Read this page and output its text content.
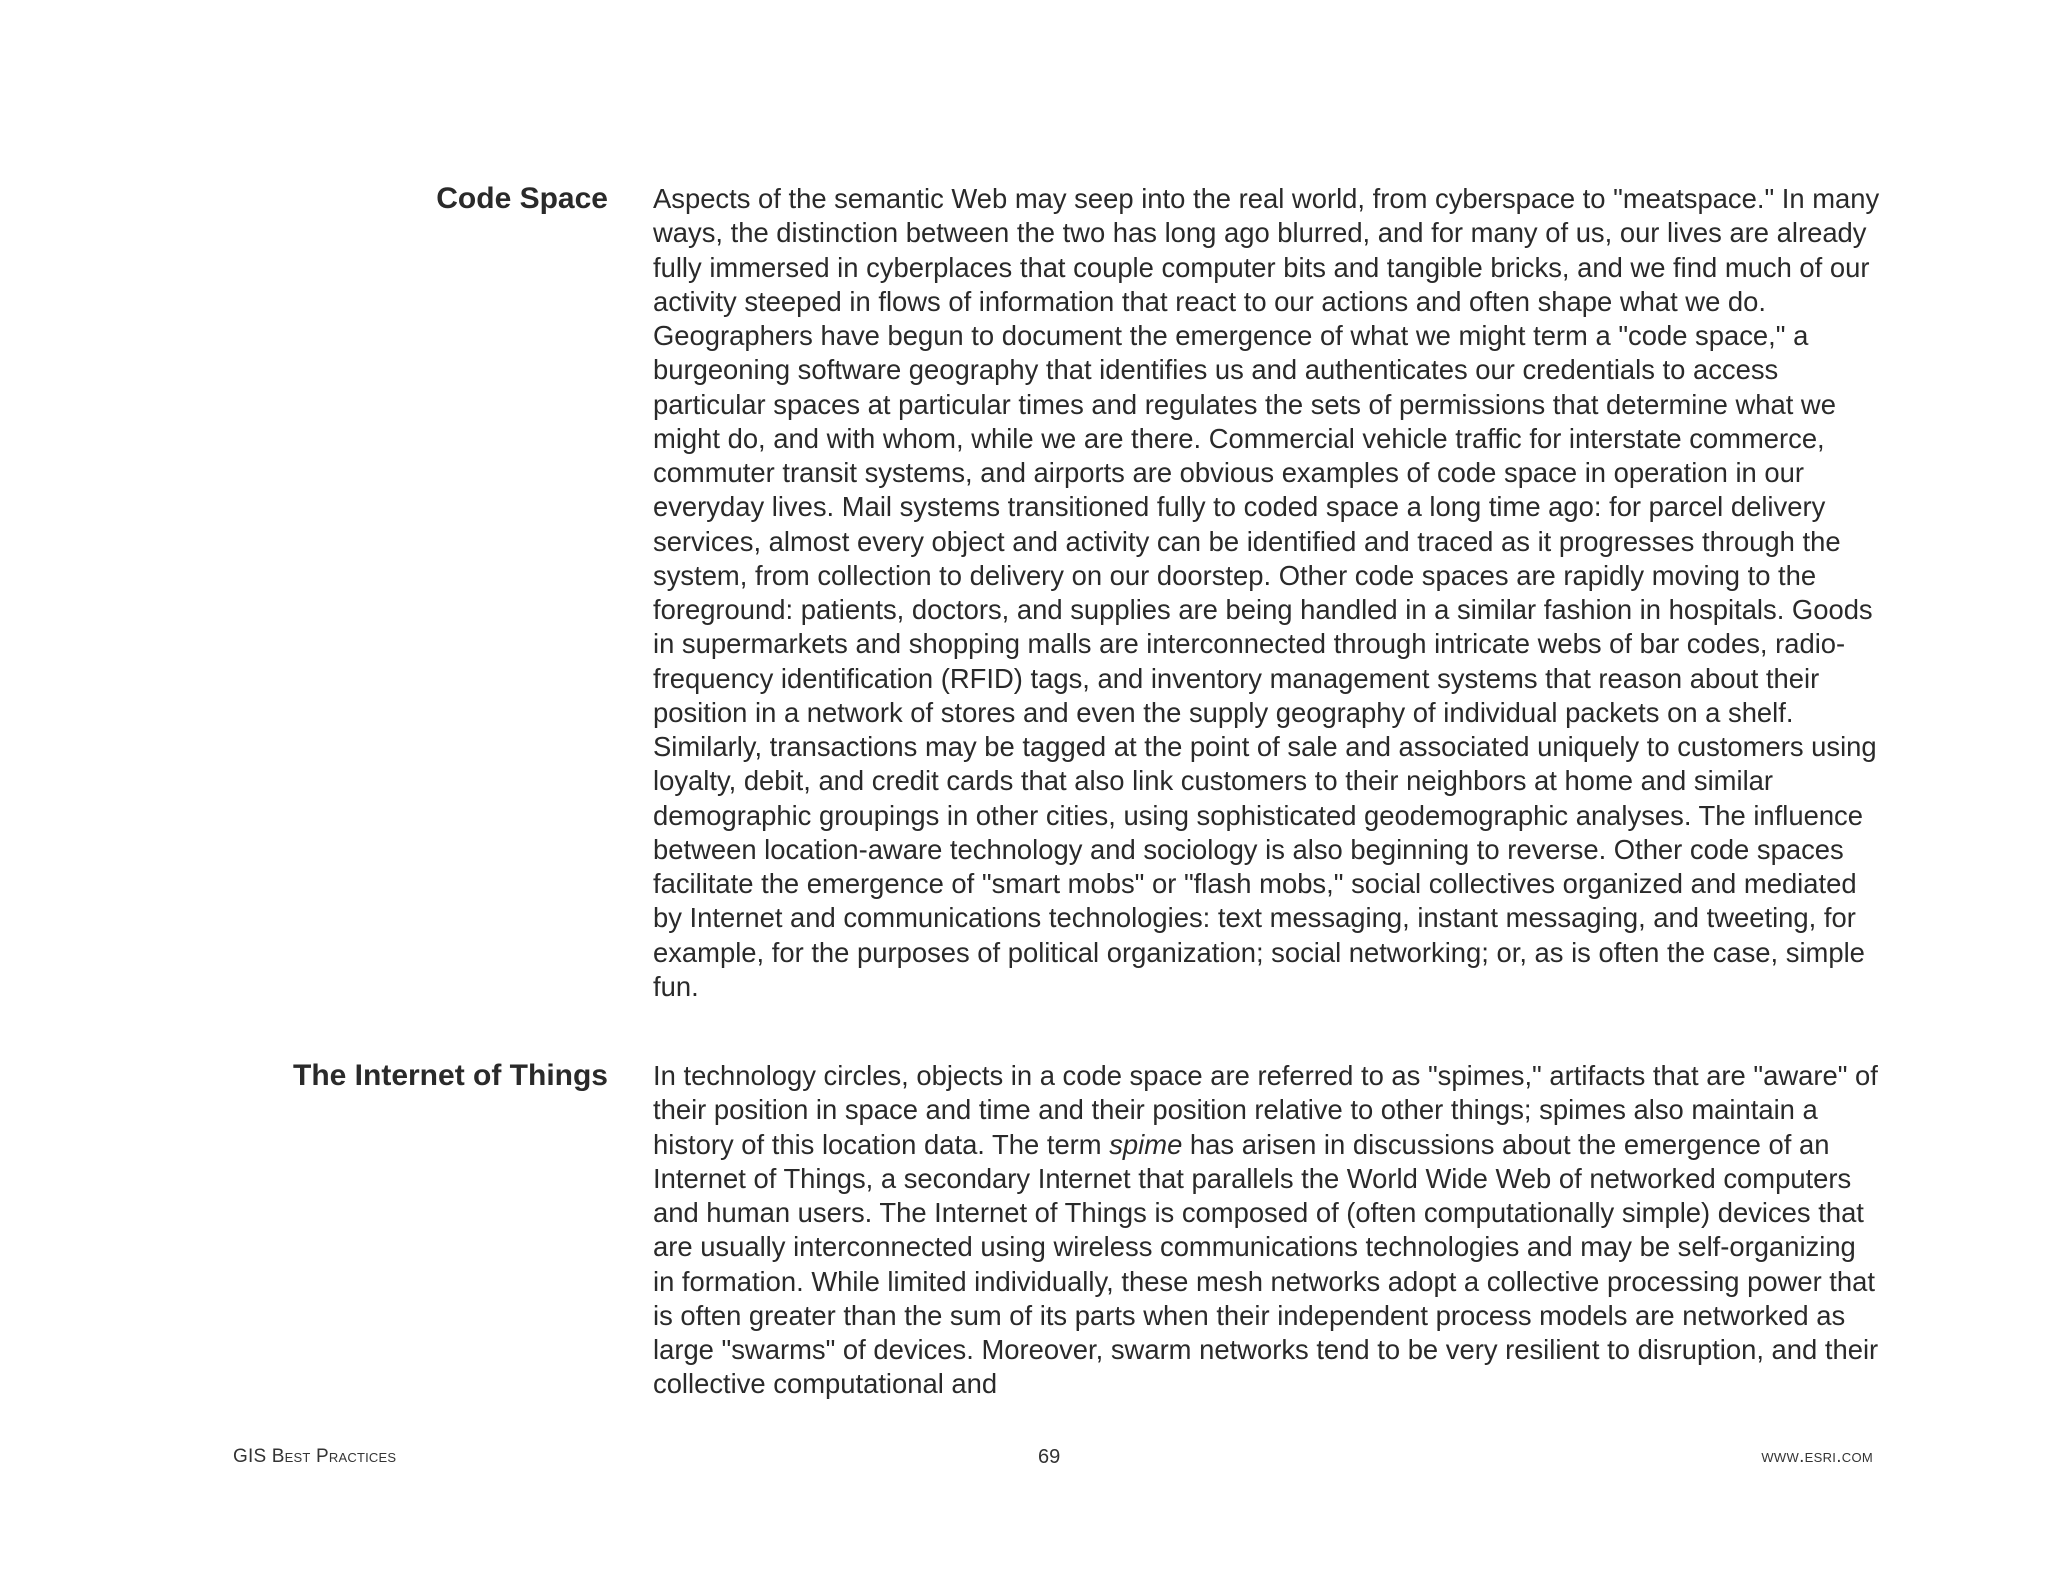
Code Space Aspects of the semantic Web may seep into the real world, from cyberspace to "meatspace." In many ways, the distinction between the two has long ago blurred, and for many of us, our lives are already fully immersed in cyberplaces that couple computer bits and tangible bricks, and we find much of our activity steeped in flows of information that react to our actions and often shape what we do. Geographers have begun to document the emergence of what we might term a "code space," a burgeoning software geography that identifies us and authenticates our credentials to access particular spaces at particular times and regulates the sets of permissions that determine what we might do, and with whom, while we are there. Commercial vehicle traffic for interstate commerce, commuter transit systems, and airports are obvious examples of code space in operation in our everyday lives. Mail systems transitioned fully to coded space a long time ago: for parcel delivery services, almost every object and activity can be identified and traced as it progresses through the system, from collection to delivery on our doorstep. Other code spaces are rapidly moving to the foreground: patients, doctors, and supplies are being handled in a similar fashion in hospitals. Goods in supermarkets and shopping malls are interconnected through intricate webs of bar codes, radio-frequency identification (RFID) tags, and inventory management systems that reason about their position in a network of stores and even the supply geography of individual packets on a shelf. Similarly, transactions may be tagged at the point of sale and associated uniquely to customers using loyalty, debit, and credit cards that also link customers to their neighbors at home and similar demographic groupings in other cities, using sophisticated geodemographic analyses. The influence between location-aware technology and sociology is also beginning to reverse. Other code spaces facilitate the emergence of "smart mobs" or "flash mobs," social collectives organized and mediated by Internet and communications technologies: text messaging, instant messaging, and tweeting, for example, for the purposes of political organization; social networking; or, as is often the case, simple fun.

The Internet of Things In technology circles, objects in a code space are referred to as "spimes," artifacts that are "aware" of their position in space and time and their position relative to other things; spimes also maintain a history of this location data. The term spime has arisen in discussions about the emergence of an Internet of Things, a secondary Internet that parallels the World Wide Web of networked computers and human users. The Internet of Things is composed of (often computationally simple) devices that are usually interconnected using wireless communications technologies and may be self-organizing in formation. While limited individually, these mesh networks adopt a collective processing power that is often greater than the sum of its parts when their independent process models are networked as large "swarms" of devices. Moreover, swarm networks tend to be very resilient to disruption, and their collective computational and

GIS Best Practices	69	www.esri.com
